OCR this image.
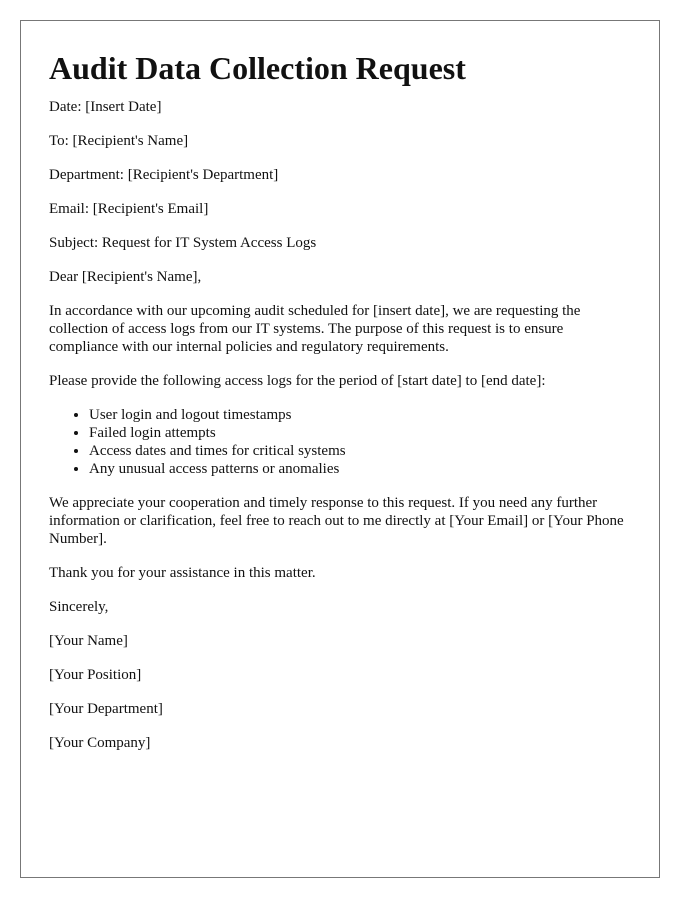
Audit Data Collection Request
Date: [Insert Date]
To: [Recipient's Name]
Department: [Recipient's Department]
Email: [Recipient's Email]
Subject: Request for IT System Access Logs
Dear [Recipient's Name],
In accordance with our upcoming audit scheduled for [insert date], we are requesting the collection of access logs from our IT systems. The purpose of this request is to ensure compliance with our internal policies and regulatory requirements.
Please provide the following access logs for the period of [start date] to [end date]:
• User login and logout timestamps
• Failed login attempts
• Access dates and times for critical systems
• Any unusual access patterns or anomalies
We appreciate your cooperation and timely response to this request. If you need any further information or clarification, feel free to reach out to me directly at [Your Email] or [Your Phone Number].
Thank you for your assistance in this matter.
Sincerely,
[Your Name]
[Your Position]
[Your Department]
[Your Company]
